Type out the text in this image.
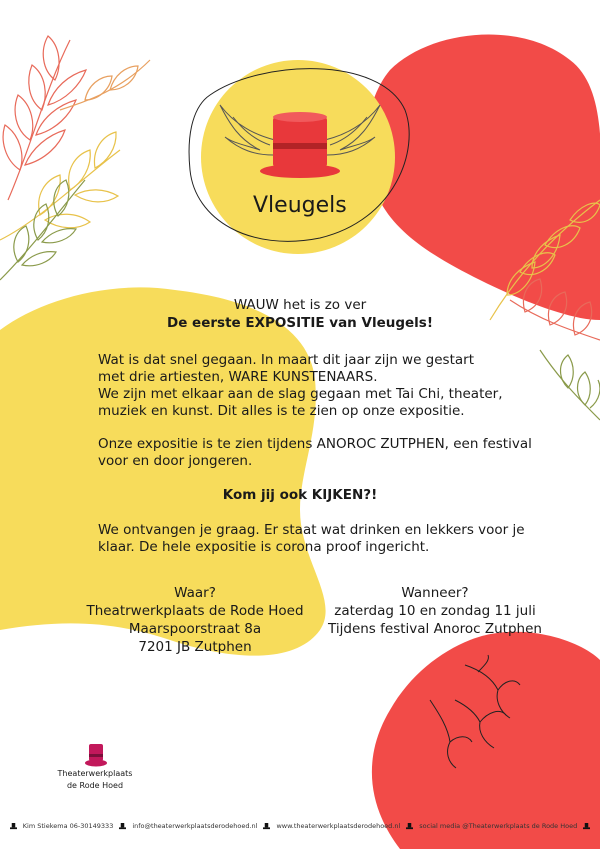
Vleugels
WAUW het is zo ver
De eerste EXPOSITIE van Vleugels!
Wat is dat snel gegaan. In maart dit jaar zijn we gestart
met drie artiesten, WARE KUNSTENAARS.
We zijn met elkaar aan de slag gegaan met Tai Chi, theater,
muziek en kunst. Dit alles is te zien op onze expositie.
Onze expositie is te zien tijdens ANOROC ZUTPHEN, een festival
voor en door jongeren.
Kom jij ook KIJKEN?!
We ontvangen je graag. Er staat wat drinken en lekkers voor je
klaar. De hele expositie is corona proof ingericht.
Waar?
Theatrwerkplaats de Rode Hoed
Maarspoorstraat 8a
7201 JB Zutphen
Wanneer?
zaterdag 10 en zondag 11 juli
Tijdens festival Anoroc Zutphen
Theaterwerkplaats
de Rode Hoed
Kim Stiekema 06-30149333	info@theaterwerkplaatsderodehoed.nl	www.theaterwerkplaatsderodehoed.nl	social media @Theaterwerkplaats de Rode Hoed
